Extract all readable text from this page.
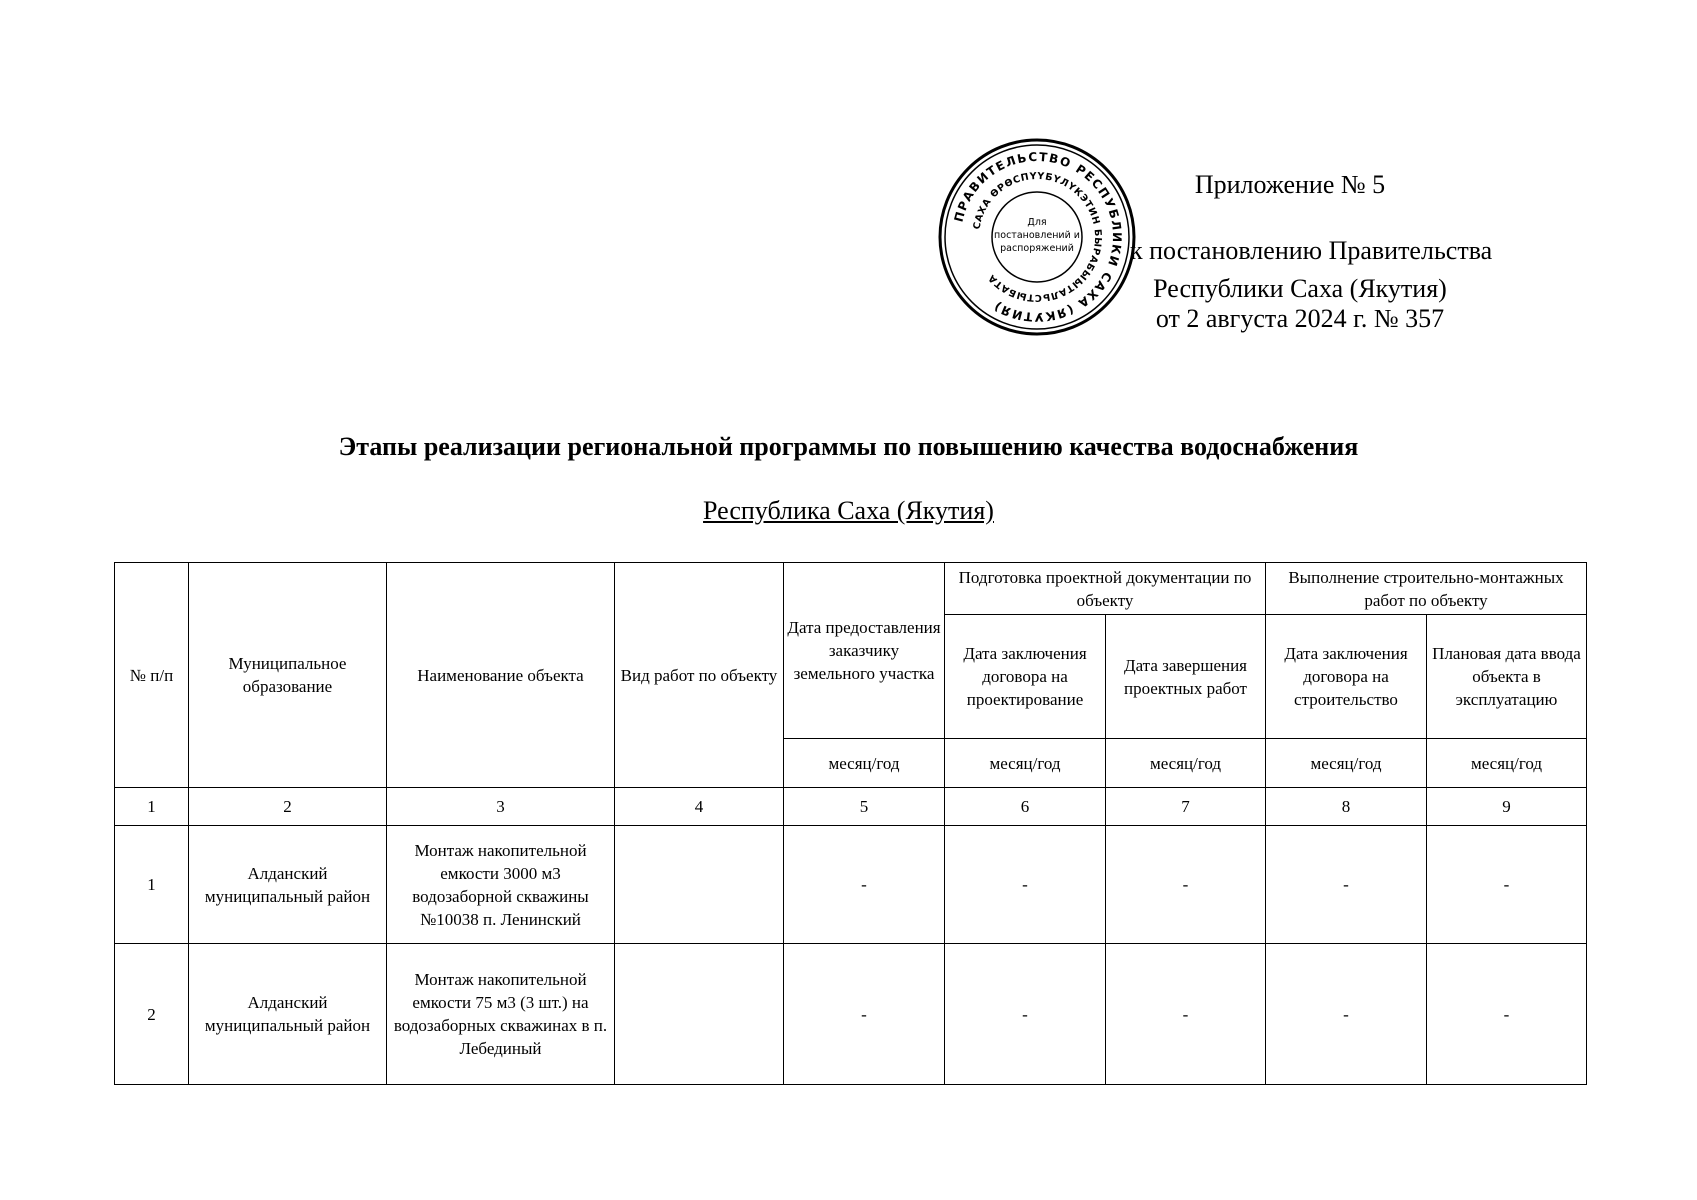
ПРАВИТЕЛЬСТВО РЕСПУБЛИКИ САХА (ЯКУТИЯ)
САХА ӨРӨСПҮҮБҮЛҮКЭТИН БЫРАБЫЫТАЛЬСТЫБАТА
Для
постановлений и
распоряжений
Приложение № 5
к постановлению Правительства
Республики Саха (Якутия)
от 2 августа 2024 г. № 357
Этапы реализации региональной программы по повышению качества водоснабжения
Республика Саха (Якутия)
№ п/п	Муниципальное образование	Наименование объекта	Вид работ по объекту	Дата предоставления заказчику земельного участка	Подготовка проектной документации по объекту		Выполнение строительно-монтажных работ по объекту	
					Дата заключения договора на проектирование	Дата завершения проектных работ	Дата заключения договора на строительство	Плановая дата ввода объекта в эксплуатацию
				месяц/год	месяц/год	месяц/год	месяц/год	месяц/год
1	2	3	4	5	6	7	8	9
1	Алданский муниципальный район	Монтаж накопительной емкости 3000 м3 водозаборной скважины №10038 п. Ленинский		-	-	-	-	-
2	Алданский муниципальный район	Монтаж накопительной емкости 75 м3 (3 шт.) на водозаборных скважинах в п. Лебединый		-	-	-	-	-
